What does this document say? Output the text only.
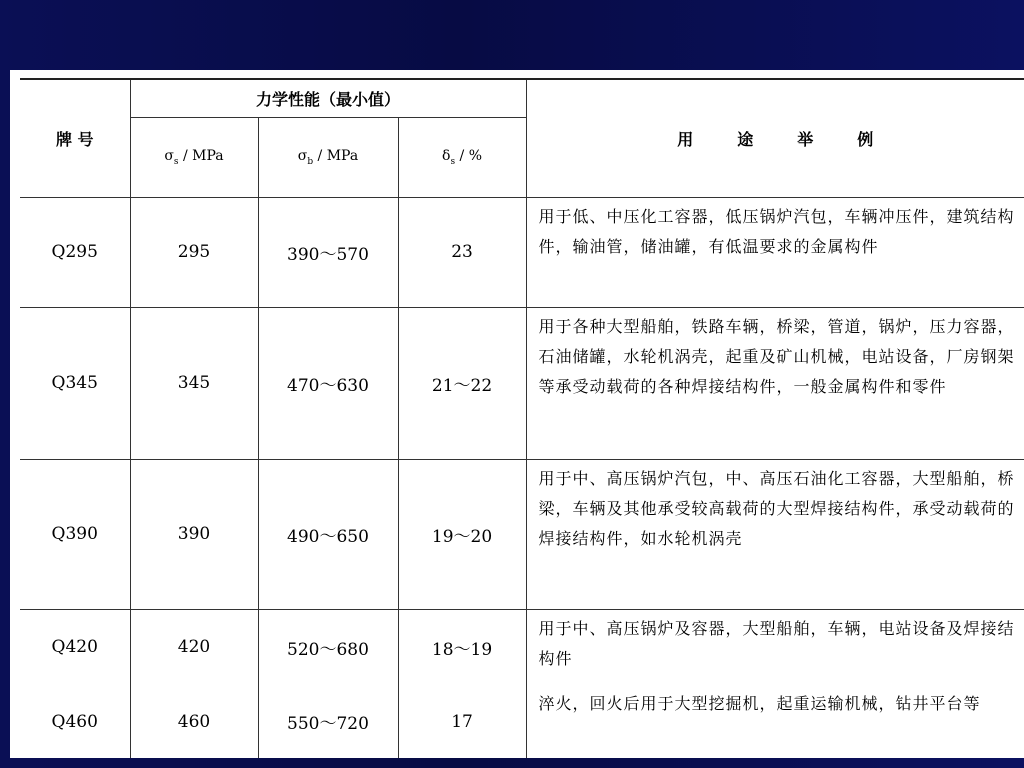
牌 号	力学性能（最小值）			用 途 举 例
	$\sigma_s$ / MPa	$\sigma_b$ / MPa	$\delta_s$ / %	
Q295	295	390～570	23	用于低、中压化工容器，低压锅炉汽包，车辆冲压件，建筑结构件，输油管，储油罐，有低温要求的金属构件
Q345	345	470～630	21～22	用于各种大型船舶，铁路车辆，桥梁，管道，锅炉，压力容器，石油储罐，水轮机涡壳，起重及矿山机械，电站设备，厂房钢架等承受动载荷的各种焊接结构件，一般金属构件和零件
Q390	390	490～650	19～20	用于中、高压锅炉汽包，中、高压石油化工容器，大型船舶，桥梁，车辆及其他承受较高载荷的大型焊接结构件，承受动载荷的焊接结构件，如水轮机涡壳
Q420	420	520～680	18～19	用于中、高压锅炉及容器，大型船舶，车辆，电站设备及焊接结构件
Q460	460	550～720	17	淬火，回火后用于大型挖掘机，起重运输机械，钻井平台等
